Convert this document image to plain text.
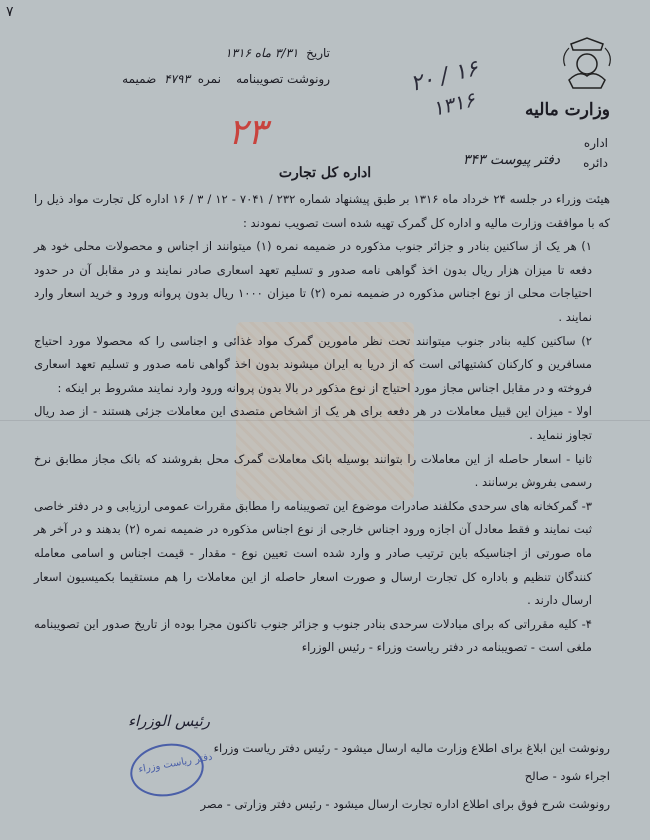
۷
وزارت مالیه
اداره
دائره
دفتر پیوست ۳۴۳
تاریخ ۳/۳۱ ماه ۱۳۱۶
رونوشت تصویبنامه    نمره ۴۷۹۳ ضمیمه
۲۳
۲۰ / ۱۶
۱۳۱۶
اداره کل تجارت

هیئت وزراء در جلسه ۲۴ خرداد ماه ۱۳۱۶ بر طبق پیشنهاد شماره ۲۳۲ / ۷۰۴۱ - ۱۲ / ۳ / ۱۶ اداره کل تجارت مواد ذیل را که با موافقت وزارت مالیه و اداره کل گمرک تهیه شده است تصویب نمودند :

۱) هر یک از ساکنین بنادر و جزائر جنوب مذکوره در ضمیمه نمره (۱) میتوانند از اجناس و محصولات محلی خود هر دفعه تا میزان هزار ریال بدون اخذ گواهی نامه صدور و تسلیم تعهد اسعاری صادر نمایند و در مقابل آن در حدود احتیاجات محلی از نوع اجناس مذکوره در ضمیمه نمره (۲) تا میزان ۱۰۰۰ ریال بدون پروانه ورود و خرید اسعار وارد نمایند .

۲) ساکنین کلیه بنادر جنوب میتوانند تحت نظر مامورین گمرک مواد غذائی و اجناسی را که محصولا مورد احتیاج مسافرین و کارکنان کشتیهائی است که از دریا به ایران میشوند بدون اخذ گواهی نامه صدور و تسلیم تعهد اسعاری فروخته و در مقابل اجناس مجاز مورد احتیاج از نوع مذکور در بالا بدون پروانه ورود وارد نمایند مشروط بر اینکه :

اولا - میزان این قبیل معاملات در هر دفعه برای هر یک از اشخاص متصدی این معاملات جزئی هستند - از صد ریال تجاوز ننماید .

ثانیا - اسعار حاصله از این معاملات را بتوانند بوسیله بانک معاملات گمرک محل بفروشند که بانک مجاز مطابق نرخ رسمی بفروش برسانند .

۳- گمرکخانه های سرحدی مکلفند صادرات موضوع این تصویبنامه را مطابق مقررات عمومی ارزیابی و در دفتر خاصی ثبت نمایند و فقط معادل آن اجازه ورود اجناس خارجی از نوع اجناس مذکوره در ضمیمه نمره (۲) بدهند و در آخر هر ماه صورتی از اجناسیکه باین ترتیب صادر و وارد شده است تعیین نوع - مقدار - قیمت اجناس و اسامی معامله کنندگان تنظیم و باداره کل تجارت ارسال و صورت اسعار حاصله از این معاملات را هم مستقیما بکمیسیون اسعار ارسال دارند .

۴- کلیه مقرراتی که برای مبادلات سرحدی بنادر جنوب و جزائر جنوب تاکنون مجرا بوده از تاریخ صدور این تصویبنامه ملغی است - تصویبنامه در دفتر ریاست وزراء - رئیس الوزراء

رئیس الوزراء
رونوشت این ابلاغ برای اطلاع وزارت مالیه ارسال میشود - رئیس دفتر ریاست وزراء
دفتر ریاست وزراء
اجراء شود - صالح
رونوشت شرح فوق برای اطلاع اداره تجارت ارسال میشود - رئیس دفتر وزارتی - مصر
